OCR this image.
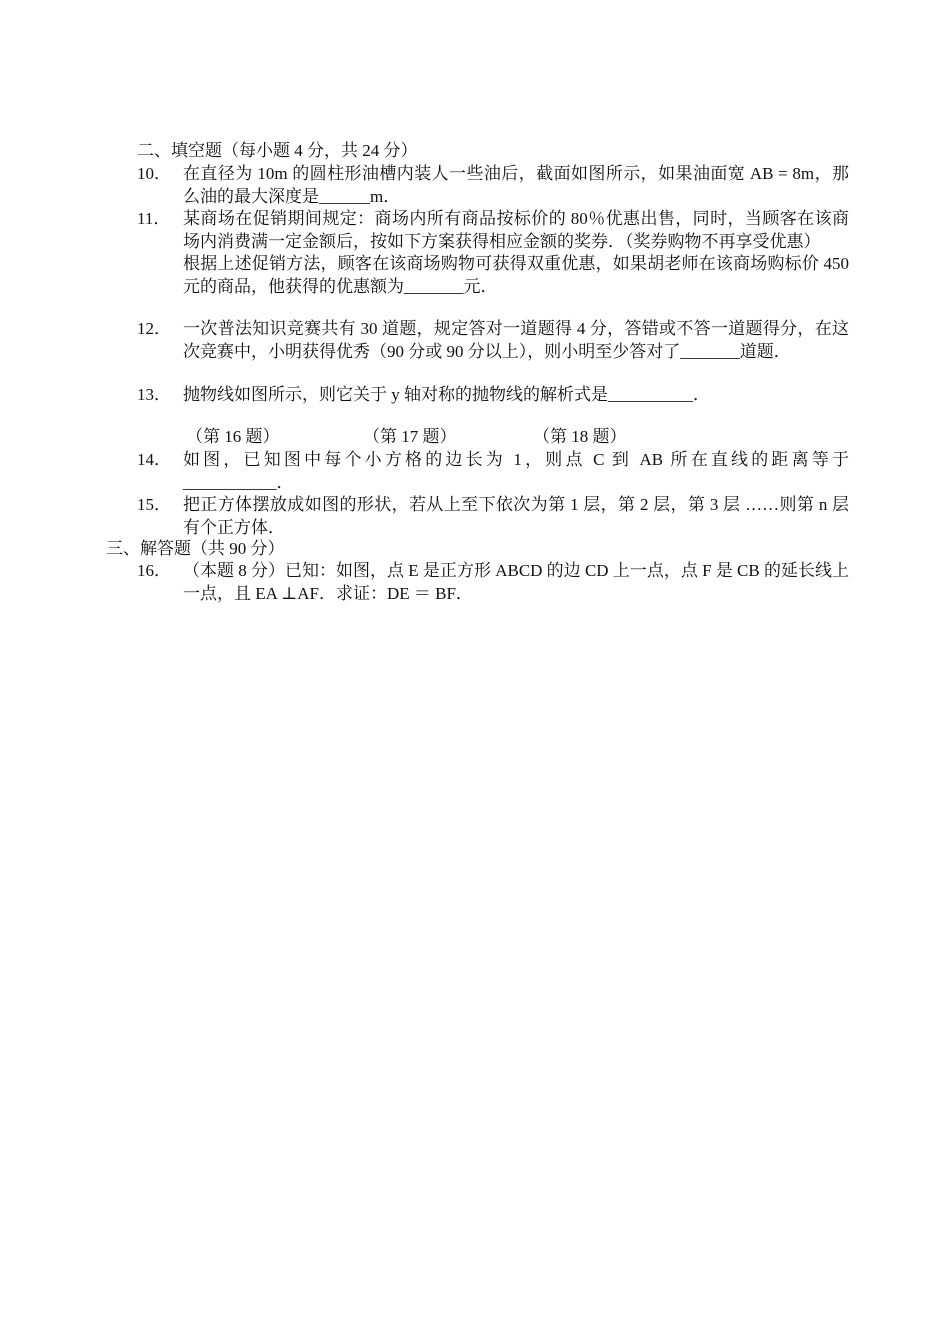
二、填空题（每小题 4 分，共 24 分）
10． 在直径为 10m 的圆柱形油槽内装人一些油后，截面如图所示，如果油面宽 AB = 8m，那么油的最大深度是______m．

11． 某商场在促销期间规定：商场内所有商品按标价的 80％优惠出售，同时，当顾客在该商场内消费满一定金额后，按如下方案获得相应金额的奖券．（奖券购物不再享受优惠）

根据上述促销方法，顾客在该商场购物可获得双重优惠，如果胡老师在该商场购标价 450 元的商品，他获得的优惠额为_______元．

12． 一次普法知识竞赛共有 30 道题，规定答对一道题得 4 分，答错或不答一道题得分，在这次竞赛中，小明获得优秀（90 分或 90 分以上），则小明至少答对了_______道题．

13． 抛物线如图所示，则它关于 y 轴对称的抛物线的解析式是__________．

（第 16 题）	（第 17 题）	（第 18 题）
14． 如图，已知图中每个小方格的边长为 1，则点 C 到 AB 所在直线的距离等于___________．

15． 把正方体摆放成如图的形状，若从上至下依次为第 1 层，第 2 层，第 3 层 ……则第 n 层有个正方体．

三、解答题（共 90 分）
16． （本题 8 分）已知：如图，点 E 是正方形 ABCD 的边 CD 上一点，点 F 是 CB 的延长线上一点，且 EA ⊥AF．求证：DE ＝ BF．
